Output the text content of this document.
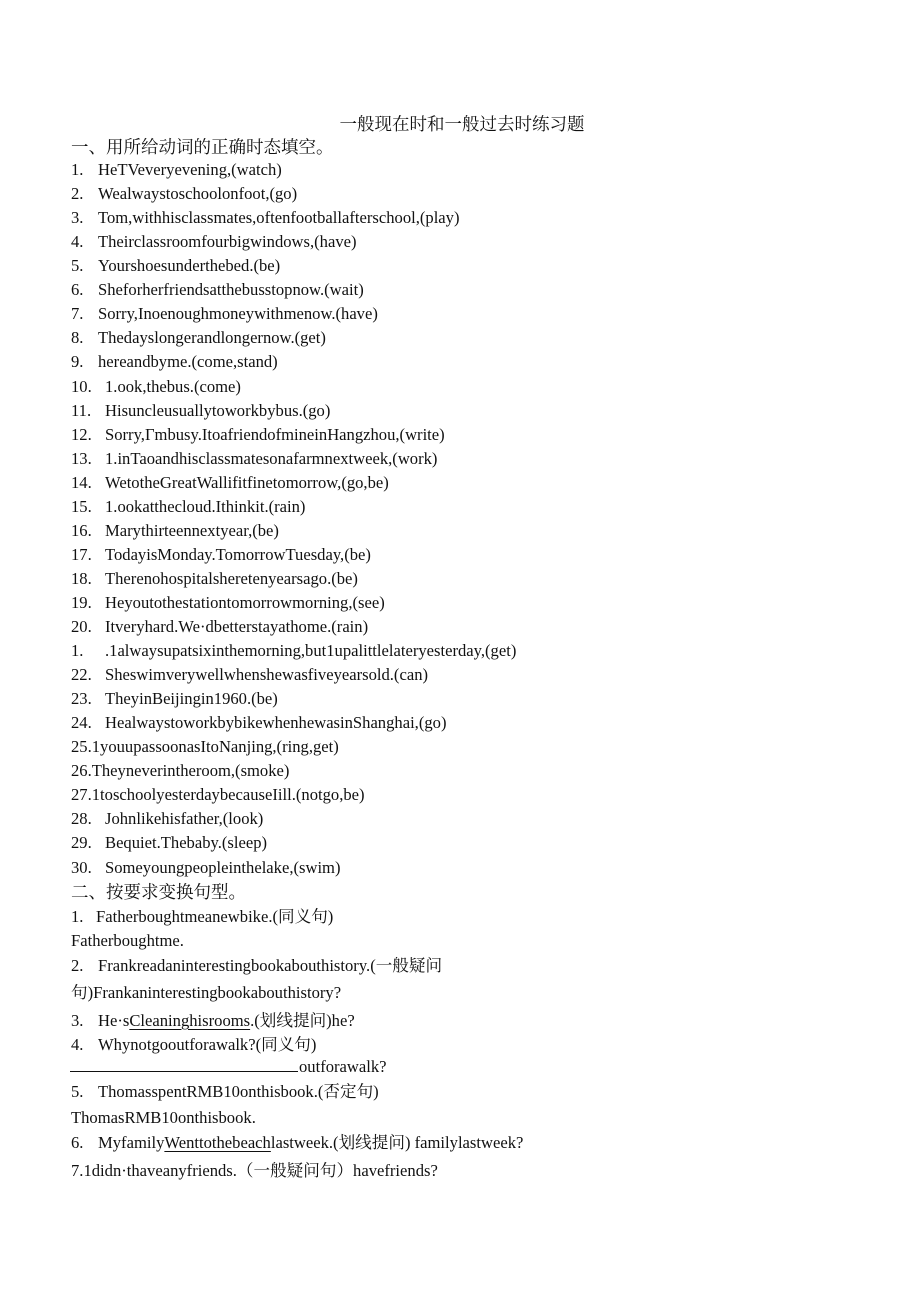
一般现在时和一般过去时练习题
一、用所给动词的正确时态填空。
1. HeTVeveryevening,(watch)
2. Wealwaystoschoolonfoot,(go)
3. Tom,withhisclassmates,oftenfootballafterschool,(play)
4. Theirclassroomfourbigwindows,(have)
5. Yourshoesunderthebed.(be)
6. Sheforherfriendsatthebusstopnow.(wait)
7. Sorry,Inoenoughmoneywithmenow.(have)
8. Thedayslongerandlongernow.(get)
9. hereandbyme.(come,stand)
10. 1.ook,thebus.(come)
11. Hisuncleusuallytoworkbybus.(go)
12. Sorry,Γmbusy.ItoafriendofmineinHangzhou,(write)
13. 1.inTaoandhisclassmatesonafarmnextweek,(work)
14. WetotheGreatWallifitfinetomorrow,(go,be)
15. 1.ookatthecloud.Ithinkit.(rain)
16. Marythirteennextyear,(be)
17. TodayisMonday.TomorrowTuesday,(be)
18. Therenohospitalsheretenyearsago.(be)
19. Heyoutothestationtomorrowmorning,(see)
20. Itveryhard.We·dbetterstayathome.(rain)
1. .1alwaysupatsixinthemorning,but1upalittlelateryesterday,(get)
22. Sheswimverywellwhenshewasfiveyearsold.(can)
23. TheyinBeijingin1960.(be)
24. HealwaystoworkbybikewhenhewasinShanghai,(go)
25.1youupassoonasItoNanjing,(ring,get)
26.Theyneverintheroom,(smoke)
27.1toschoolyesterdaybecauseIill.(notgo,be)
28. Johnlikehisfather,(look)
29. Bequiet.Thebaby.(sleep)
30. Someyoungpeopleinthelake,(swim)
二、按要求变换句型。
1. Fatherboughtmeanewbike.(同义句)
Fatherboughtme.
2. Frankreadaninterestingbookabouthistory.(一般疑问
句)Frankaninterestingbookabouthistory?
3. He·sCleaninghisrooms.(划线提问)he?
4. Whynotgooutforawalk?(同义句)
outforawalk?
5. ThomasspentRMB10onthisbook.(否定句)
ThomasRMB10onthisbook.
6. MyfamilyWenttothebeachlastweek.(划线提问) familylastweek?
7.1didn·thaveanyfriends.（一般疑问句）havefriends?
